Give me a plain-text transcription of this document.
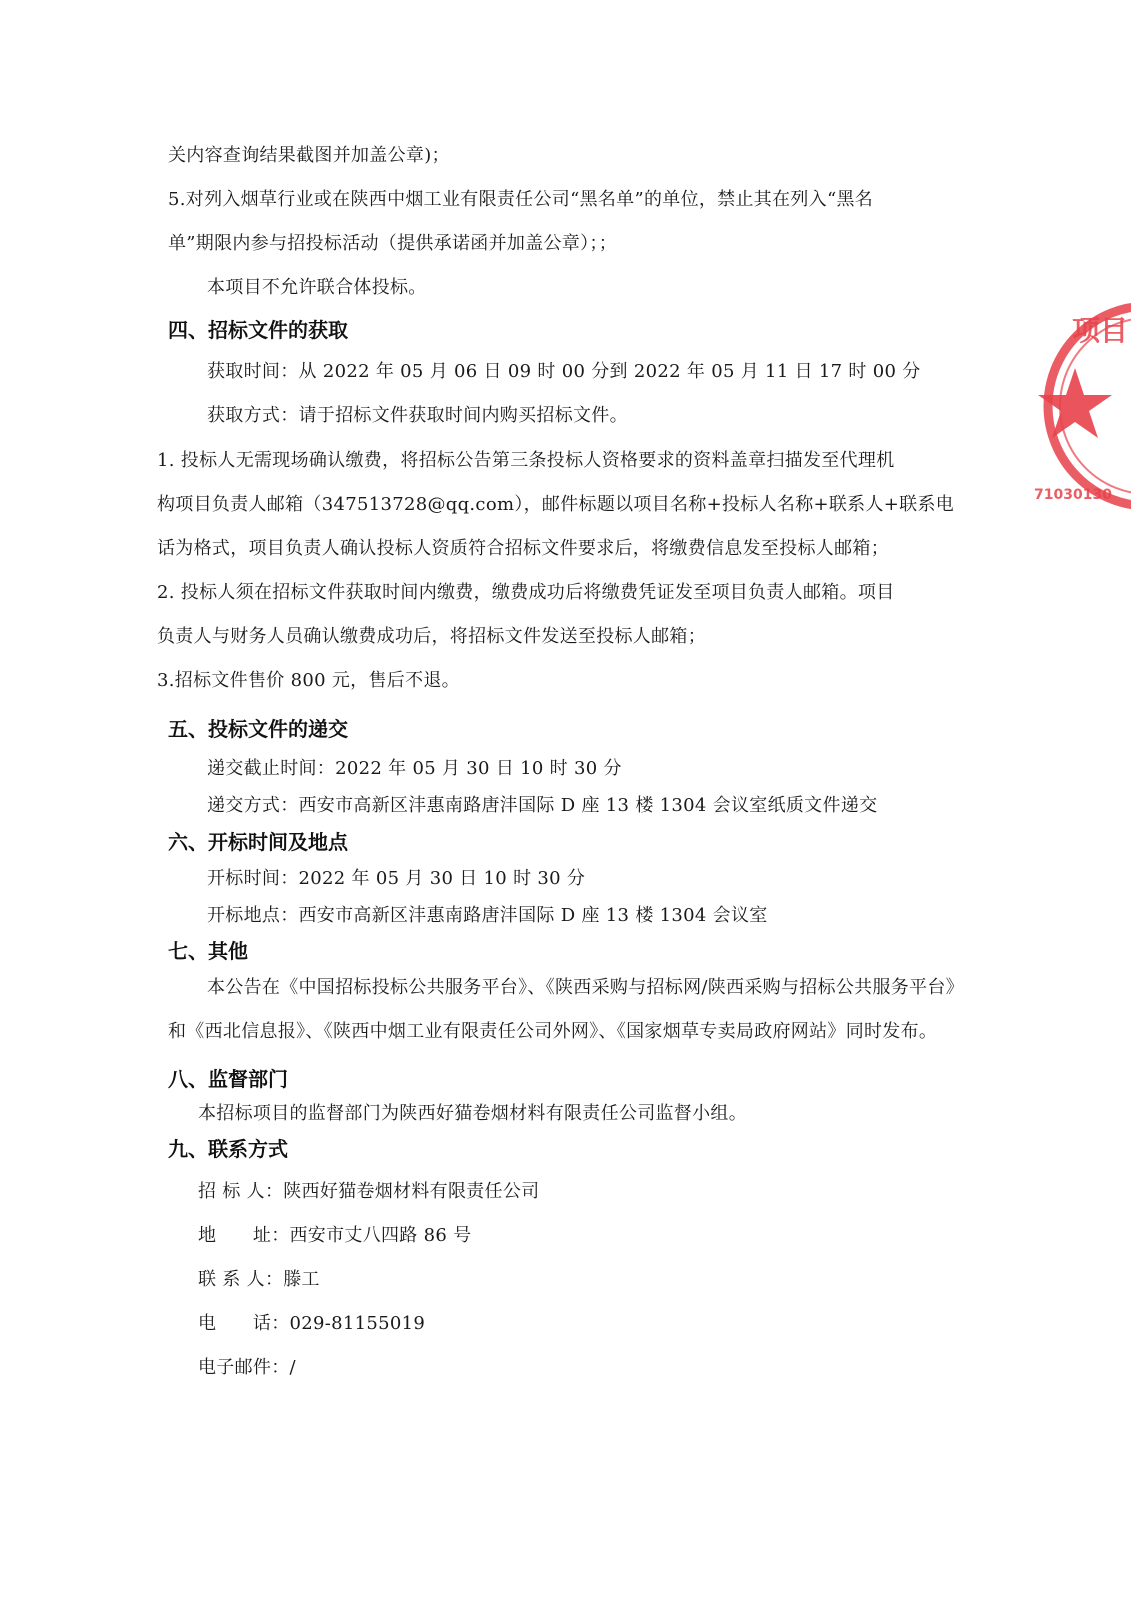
关内容查询结果截图并加盖公章)；
5.对列入烟草行业或在陕西中烟工业有限责任公司“黑名单”的单位，禁止其在列入“黑名
单”期限内参与招投标活动（提供承诺函并加盖公章）；；
本项目不允许联合体投标。
四、招标文件的获取
获取时间：从 2022 年 05 月 06 日 09 时 00 分到 2022 年 05 月 11 日 17 时 00 分
获取方式：请于招标文件获取时间内购买招标文件。
1. 投标人无需现场确认缴费，将招标公告第三条投标人资格要求的资料盖章扫描发至代理机
构项目负责人邮箱（347513728@qq.com），邮件标题以项目名称+投标人名称+联系人+联系电
话为格式，项目负责人确认投标人资质符合招标文件要求后，将缴费信息发至投标人邮箱；
2. 投标人须在招标文件获取时间内缴费，缴费成功后将缴费凭证发至项目负责人邮箱。项目
负责人与财务人员确认缴费成功后，将招标文件发送至投标人邮箱；
3.招标文件售价 800 元，售后不退。
五、投标文件的递交
递交截止时间：2022 年 05 月 30 日 10 时 30 分
递交方式：西安市高新区沣惠南路唐沣国际 D 座 13 楼 1304 会议室纸质文件递交
六、开标时间及地点
开标时间：2022 年 05 月 30 日 10 时 30 分
开标地点：西安市高新区沣惠南路唐沣国际 D 座 13 楼 1304 会议室
七、其他
本公告在《中国招标投标公共服务平台》、《陕西采购与招标网/陕西采购与招标公共服务平台》
和《西北信息报》、《陕西中烟工业有限责任公司外网》、《国家烟草专卖局政府网站》同时发布。
八、监督部门
本招标项目的监督部门为陕西好猫卷烟材料有限责任公司监督小组。
九、联系方式
招 标 人：陕西好猫卷烟材料有限责任公司
地　　址：西安市丈八四路 86 号
联 系 人：滕工
电　　话：029-81155019
电子邮件：/
项目
71030130
